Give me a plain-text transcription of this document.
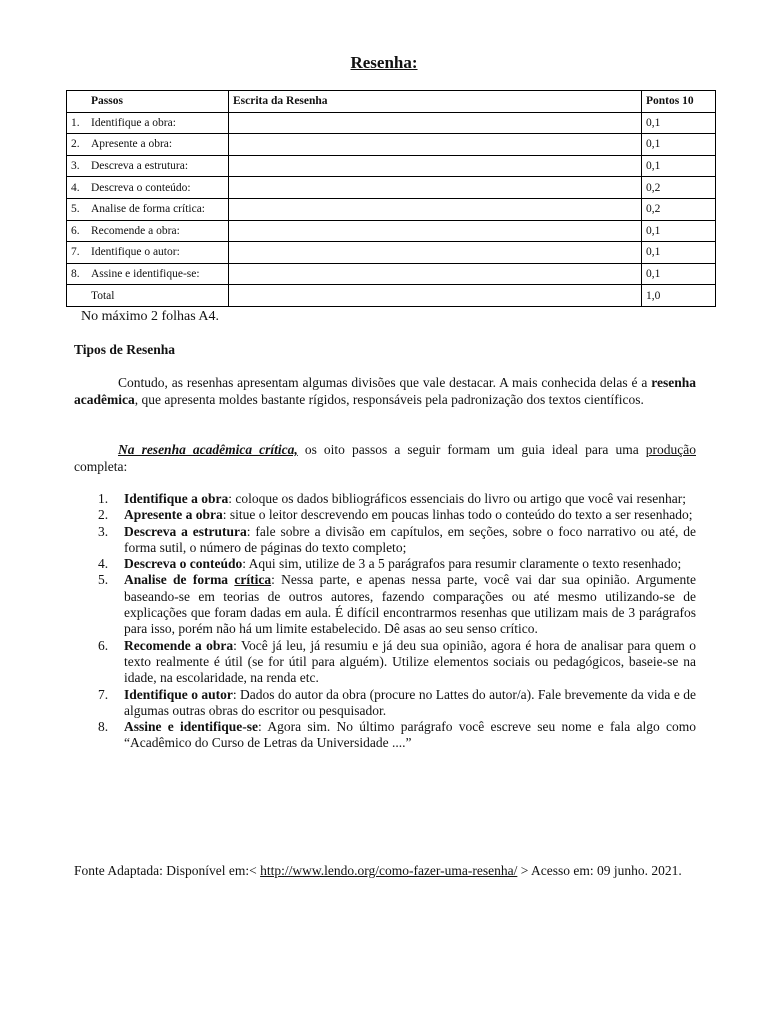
Resenha:
Passos	Escrita da Resenha	Pontos 10
1. Identifique a obra:		0,1
2. Apresente a obra:		0,1
3. Descreva a estrutura:		0,1
4. Descreva o conteúdo:		0,2
5. Analise de forma crítica:		0,2
6. Recomende a obra:		0,1
7. Identifique o autor:		0,1
8. Assine e identifique-se:		0,1
Total		1,0
No máximo 2 folhas A4.
Tipos de Resenha

Contudo, as resenhas apresentam algumas divisões que vale destacar. A mais conhecida delas é a resenha acadêmica, que apresenta moldes bastante rígidos, responsáveis pela padronização dos textos científicos.

Na resenha acadêmica crítica, os oito passos a seguir formam um guia ideal para uma produção completa:

1. Identifique a obra: coloque os dados bibliográficos essenciais do livro ou artigo que você vai resenhar;
2. Apresente a obra: situe o leitor descrevendo em poucas linhas todo o conteúdo do texto a ser resenhado;
3. Descreva a estrutura: fale sobre a divisão em capítulos, em seções, sobre o foco narrativo ou até, de forma sutil, o número de páginas do texto completo;
4. Descreva o conteúdo: Aqui sim, utilize de 3 a 5 parágrafos para resumir claramente o texto resenhado;
5. Analise de forma crítica: Nessa parte, e apenas nessa parte, você vai dar sua opinião. Argumente baseando-se em teorias de outros autores, fazendo comparações ou até mesmo utilizando-se de explicações que foram dadas em aula. É difícil encontrarmos resenhas que utilizam mais de 3 parágrafos para isso, porém não há um limite estabelecido. Dê asas ao seu senso crítico.
6. Recomende a obra: Você já leu, já resumiu e já deu sua opinião, agora é hora de analisar para quem o texto realmente é útil (se for útil para alguém). Utilize elementos sociais ou pedagógicos, baseie-se na idade, na escolaridade, na renda etc.
7. Identifique o autor: Dados do autor da obra (procure no Lattes do autor/a). Fale brevemente da vida e de algumas outras obras do escritor ou pesquisador.
8. Assine e identifique-se: Agora sim. No último parágrafo você escreve seu nome e fala algo como “Acadêmico do Curso de Letras da Universidade ....”

Fonte Adaptada: Disponível em:< http://www.lendo.org/como-fazer-uma-resenha/ > Acesso em: 09 junho. 2021.
